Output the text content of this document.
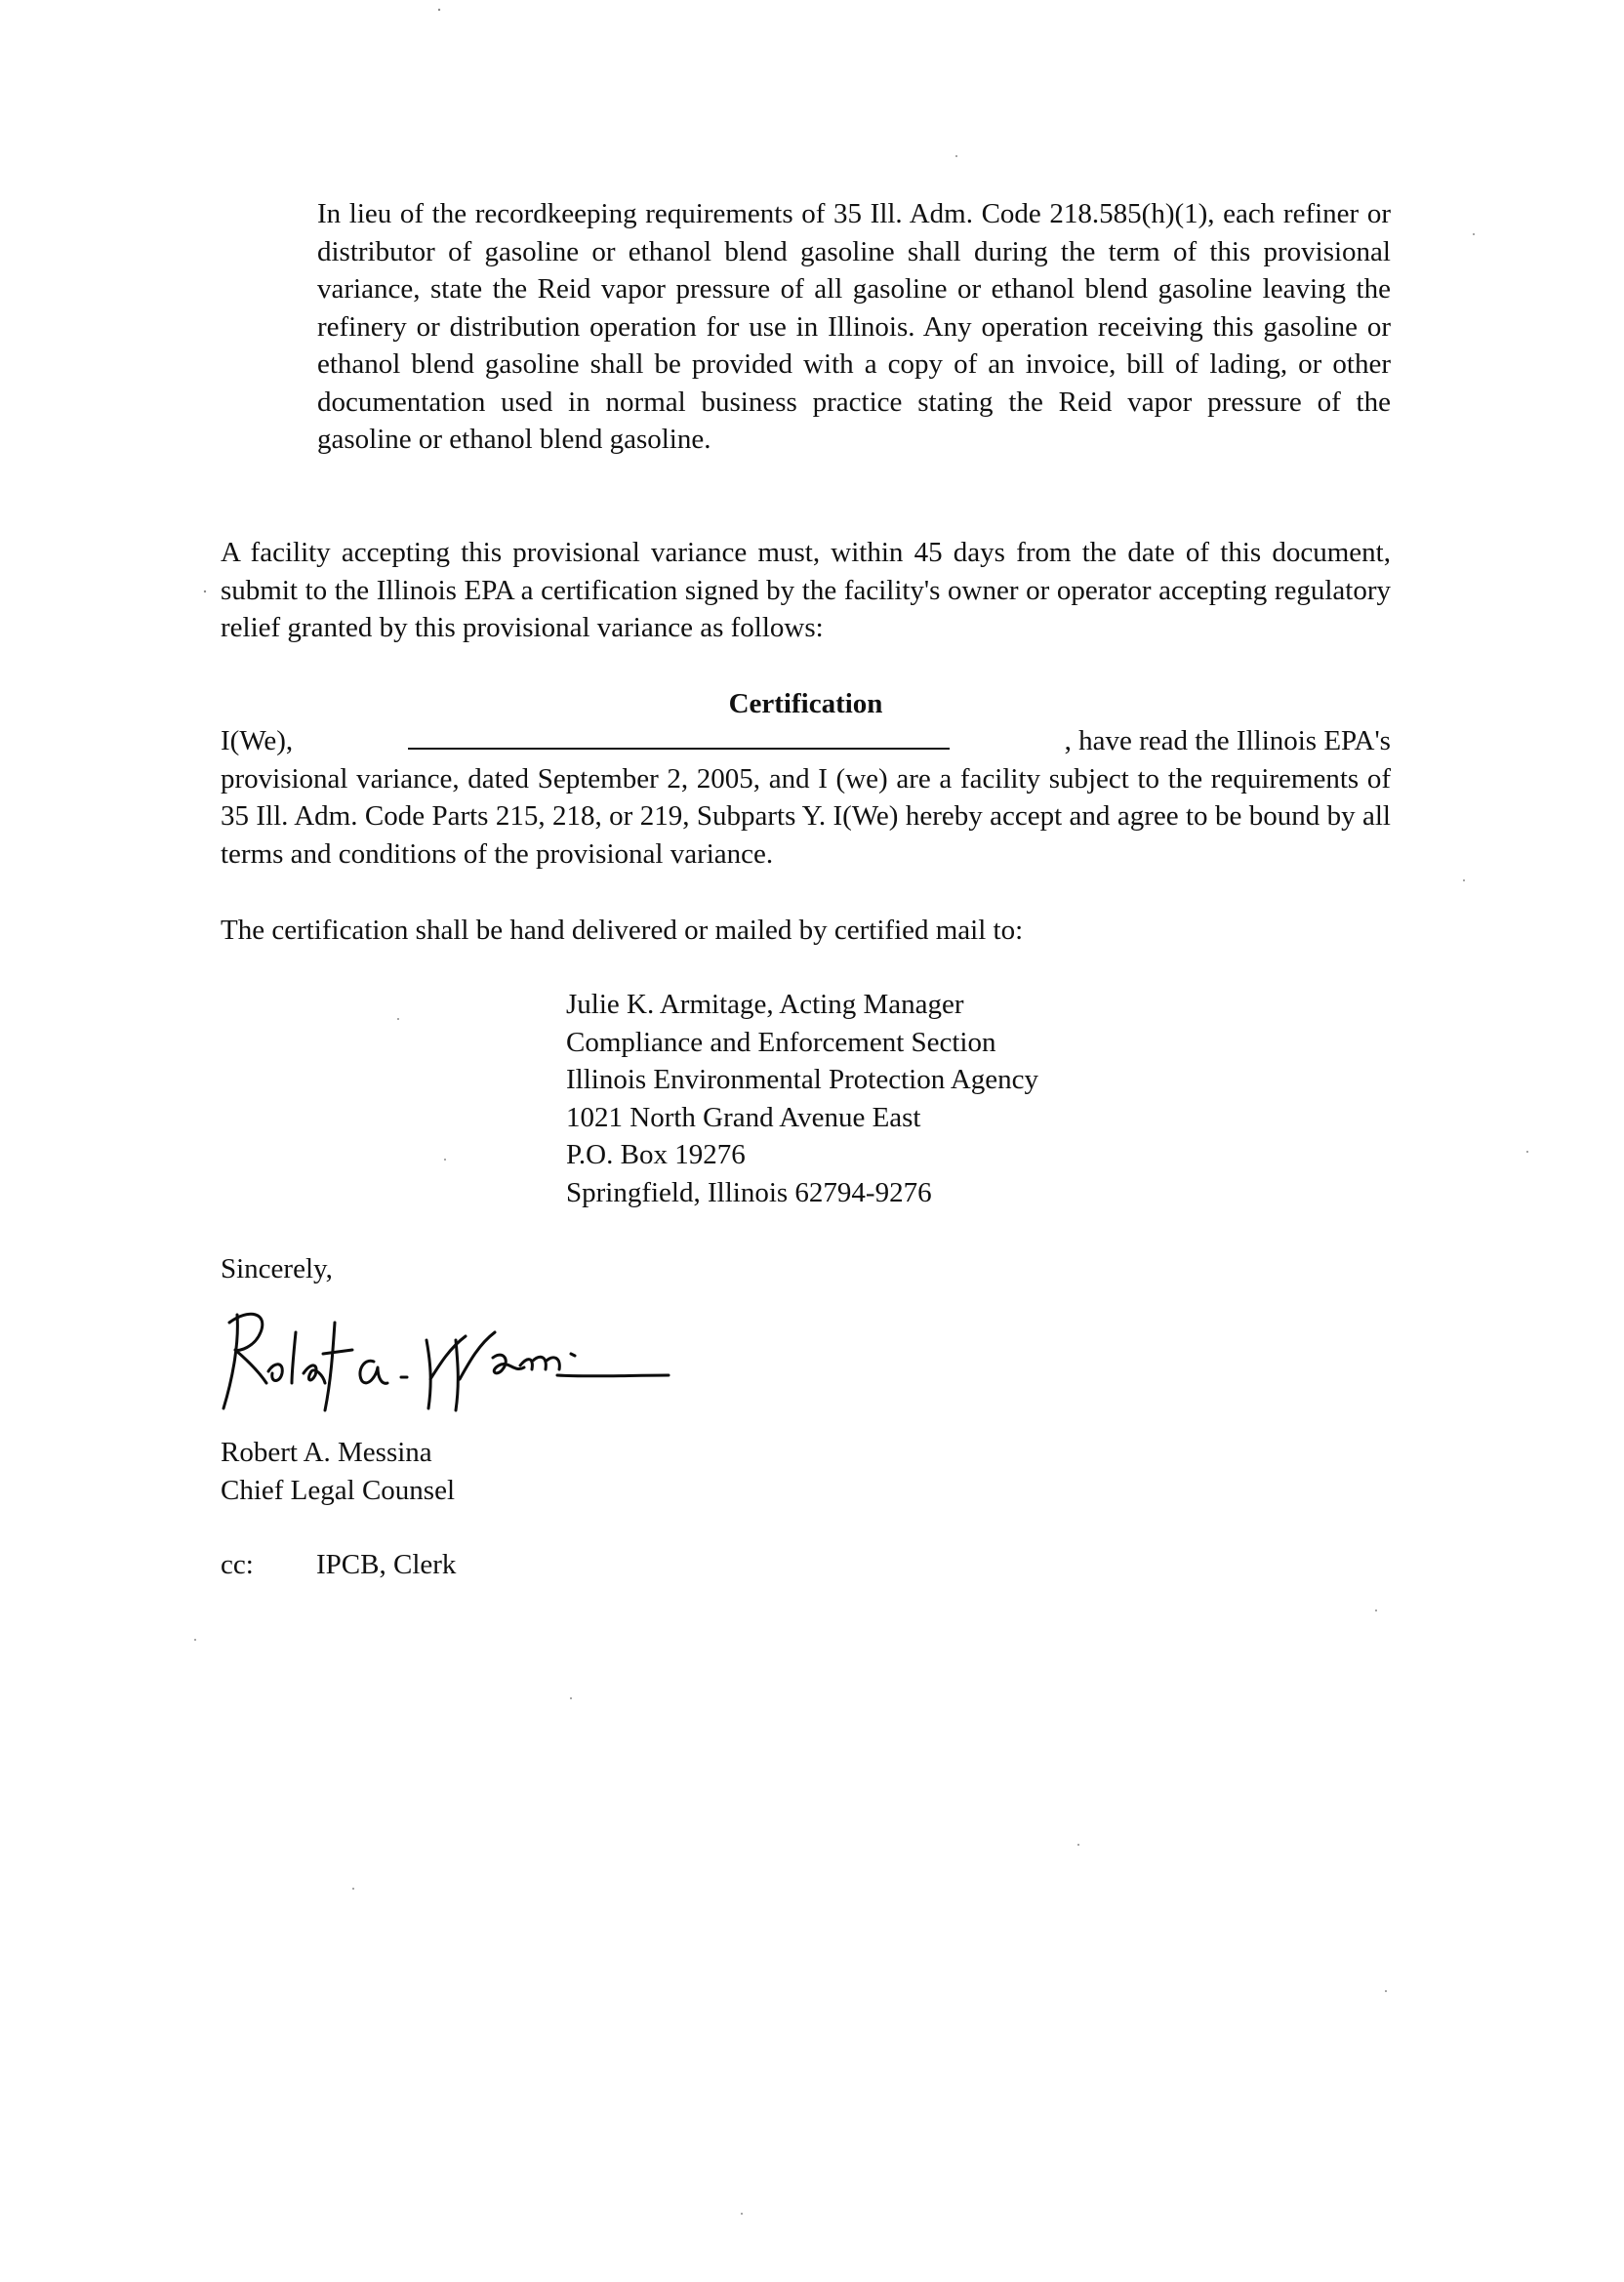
In lieu of the recordkeeping requirements of 35 Ill. Adm. Code 218.585(h)(1), each refiner or distributor of gasoline or ethanol blend gasoline shall during the term of this provisional variance, state the Reid vapor pressure of all gasoline or ethanol blend gasoline leaving the refinery or distribution operation for use in Illinois. Any operation receiving this gasoline or ethanol blend gasoline shall be provided with a copy of an invoice, bill of lading, or other documentation used in normal business practice stating the Reid vapor pressure of the gasoline or ethanol blend gasoline.
A facility accepting this provisional variance must, within 45 days from the date of this document, submit to the Illinois EPA a certification signed by the facility's owner or operator accepting regulatory relief granted by this provisional variance as follows:
Certification
I(We),	, have read the Illinois EPA's
provisional variance, dated September 2, 2005, and I (we) are a facility subject to the requirements of 35 Ill. Adm. Code Parts 215, 218, or 219, Subparts Y. I(We) hereby accept and agree to be bound by all terms and conditions of the provisional variance.
The certification shall be hand delivered or mailed by certified mail to:
Julie K. Armitage, Acting Manager
Compliance and Enforcement Section
Illinois Environmental Protection Agency
1021 North Grand Avenue East
P.O. Box 19276
Springfield, Illinois 62794-9276
Sincerely,
Robert A. Messina
Chief Legal Counsel
cc: IPCB, Clerk
